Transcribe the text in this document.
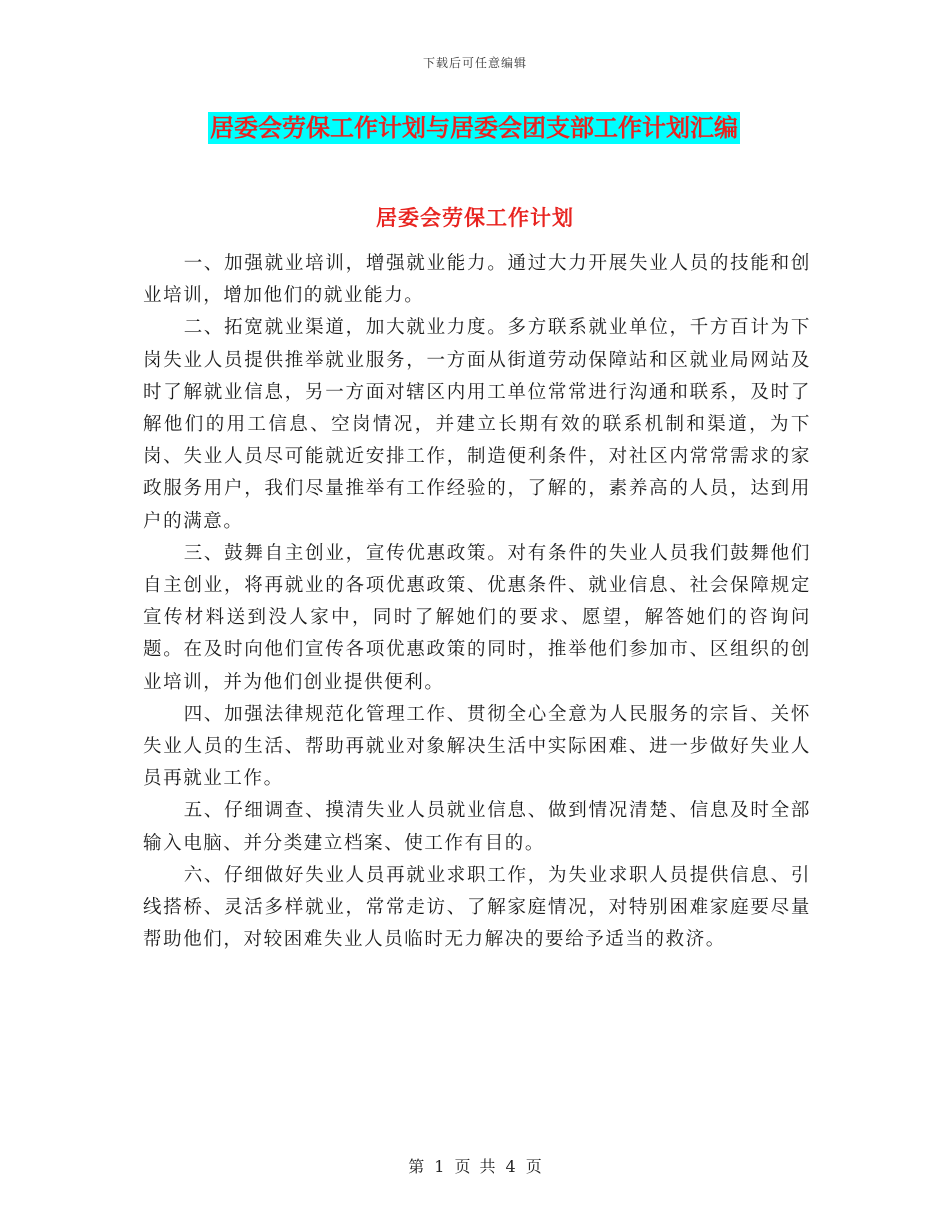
下载后可任意编辑
居委会劳保工作计划与居委会团支部工作计划汇编
居委会劳保工作计划

一、加强就业培训，增强就业能力。通过大力开展失业人员的技能和创业培训，增加他们的就业能力。

二、拓宽就业渠道，加大就业力度。多方联系就业单位，千方百计为下岗失业人员提供推举就业服务，一方面从街道劳动保障站和区就业局网站及时了解就业信息，另一方面对辖区内用工单位常常进行沟通和联系，及时了解他们的用工信息、空岗情况，并建立长期有效的联系机制和渠道，为下岗、失业人员尽可能就近安排工作，制造便利条件，对社区内常常需求的家政服务用户，我们尽量推举有工作经验的，了解的，素养高的人员，达到用户的满意。

三、鼓舞自主创业，宣传优惠政策。对有条件的失业人员我们鼓舞他们自主创业，将再就业的各项优惠政策、优惠条件、就业信息、社会保障规定宣传材料送到没人家中，同时了解她们的要求、愿望，解答她们的咨询问题。在及时向他们宣传各项优惠政策的同时，推举他们参加市、区组织的创业培训，并为他们创业提供便利。

四、加强法律规范化管理工作、贯彻全心全意为人民服务的宗旨、关怀失业人员的生活、帮助再就业对象解决生活中实际困难、进一步做好失业人员再就业工作。

五、仔细调查、摸清失业人员就业信息、做到情况清楚、信息及时全部输入电脑、并分类建立档案、使工作有目的。

六、仔细做好失业人员再就业求职工作，为失业求职人员提供信息、引线搭桥、灵活多样就业，常常走访、了解家庭情况，对特别困难家庭要尽量帮助他们，对较困难失业人员临时无力解决的要给予适当的救济。

第 1 页 共 4 页
